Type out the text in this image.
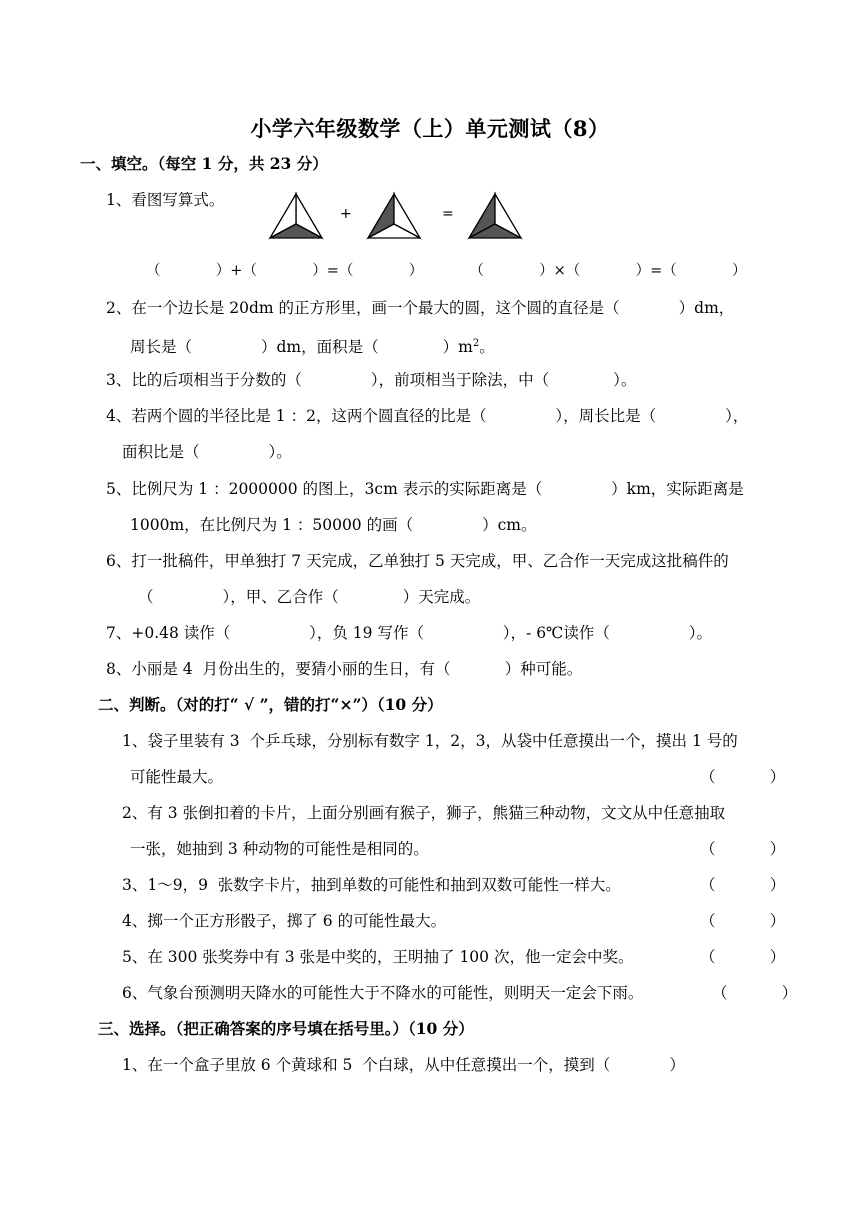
小学六年级数学（上）单元测试（8）
一、填空。（每空 1 分，共 23 分）
1、看图写算式。
+	=
（            ）+（            ）=（            ）          （            ）×（            ）=（            ）
2、在一个边长是 20dm 的正方形里，画一个最大的圆，这个圆的直径是（            ）dm，
周长是（              ）dm，面积是（             ）$m^2$。
3、比的后项相当于分数的（              ），前项相当于除法，中（             ）。
4、若两个圆的半径比是 1 ：2，这两个圆直径的比是（              ），周长比是（              ），
面积比是（              ）。
5、比例尺为 1 ：2000000 的图上，3cm 表示的实际距离是（              ）km，实际距离是
1000m，在比例尺为 1 ：50000 的画（              ）cm。
6、打一批稿件，甲单独打 7 天完成，乙单独打 5 天完成，甲、乙合作一天完成这批稿件的
（              ），甲、乙合作（             ）天完成。
7、+0.48 读作（                ），负 19 写作（                ），- 6℃读作（                ）。
8、小丽是 4  月份出生的，要猜小丽的生日，有（           ）种可能。
二、判断。（对的打“ √ ”，错的打“×”）（10 分）
1、袋子里装有 3  个乒乓球，分别标有数字 1，2，3，从袋中任意摸出一个，摸出 1 号的
可能性最大。	（           ）
2、有 3 张倒扣着的卡片，上面分别画有猴子，狮子，熊猫三种动物，文文从中任意抽取
一张，她抽到 3 种动物的可能性是相同的。	（           ）
3、1～9，9  张数字卡片，抽到单数的可能性和抽到双数可能性一样大。	（           ）
4、掷一个正方形骰子，掷了 6 的可能性最大。	（           ）
5、在 300 张奖券中有 3 张是中奖的，王明抽了 100 次，他一定会中奖。	（           ）
6、气象台预测明天降水的可能性大于不降水的可能性，则明天一定会下雨。	（           ）
三、选择。（把正确答案的序号填在括号里。）（10 分）
1、在一个盒子里放 6 个黄球和 5  个白球，从中任意摸出一个，摸到（            ）
